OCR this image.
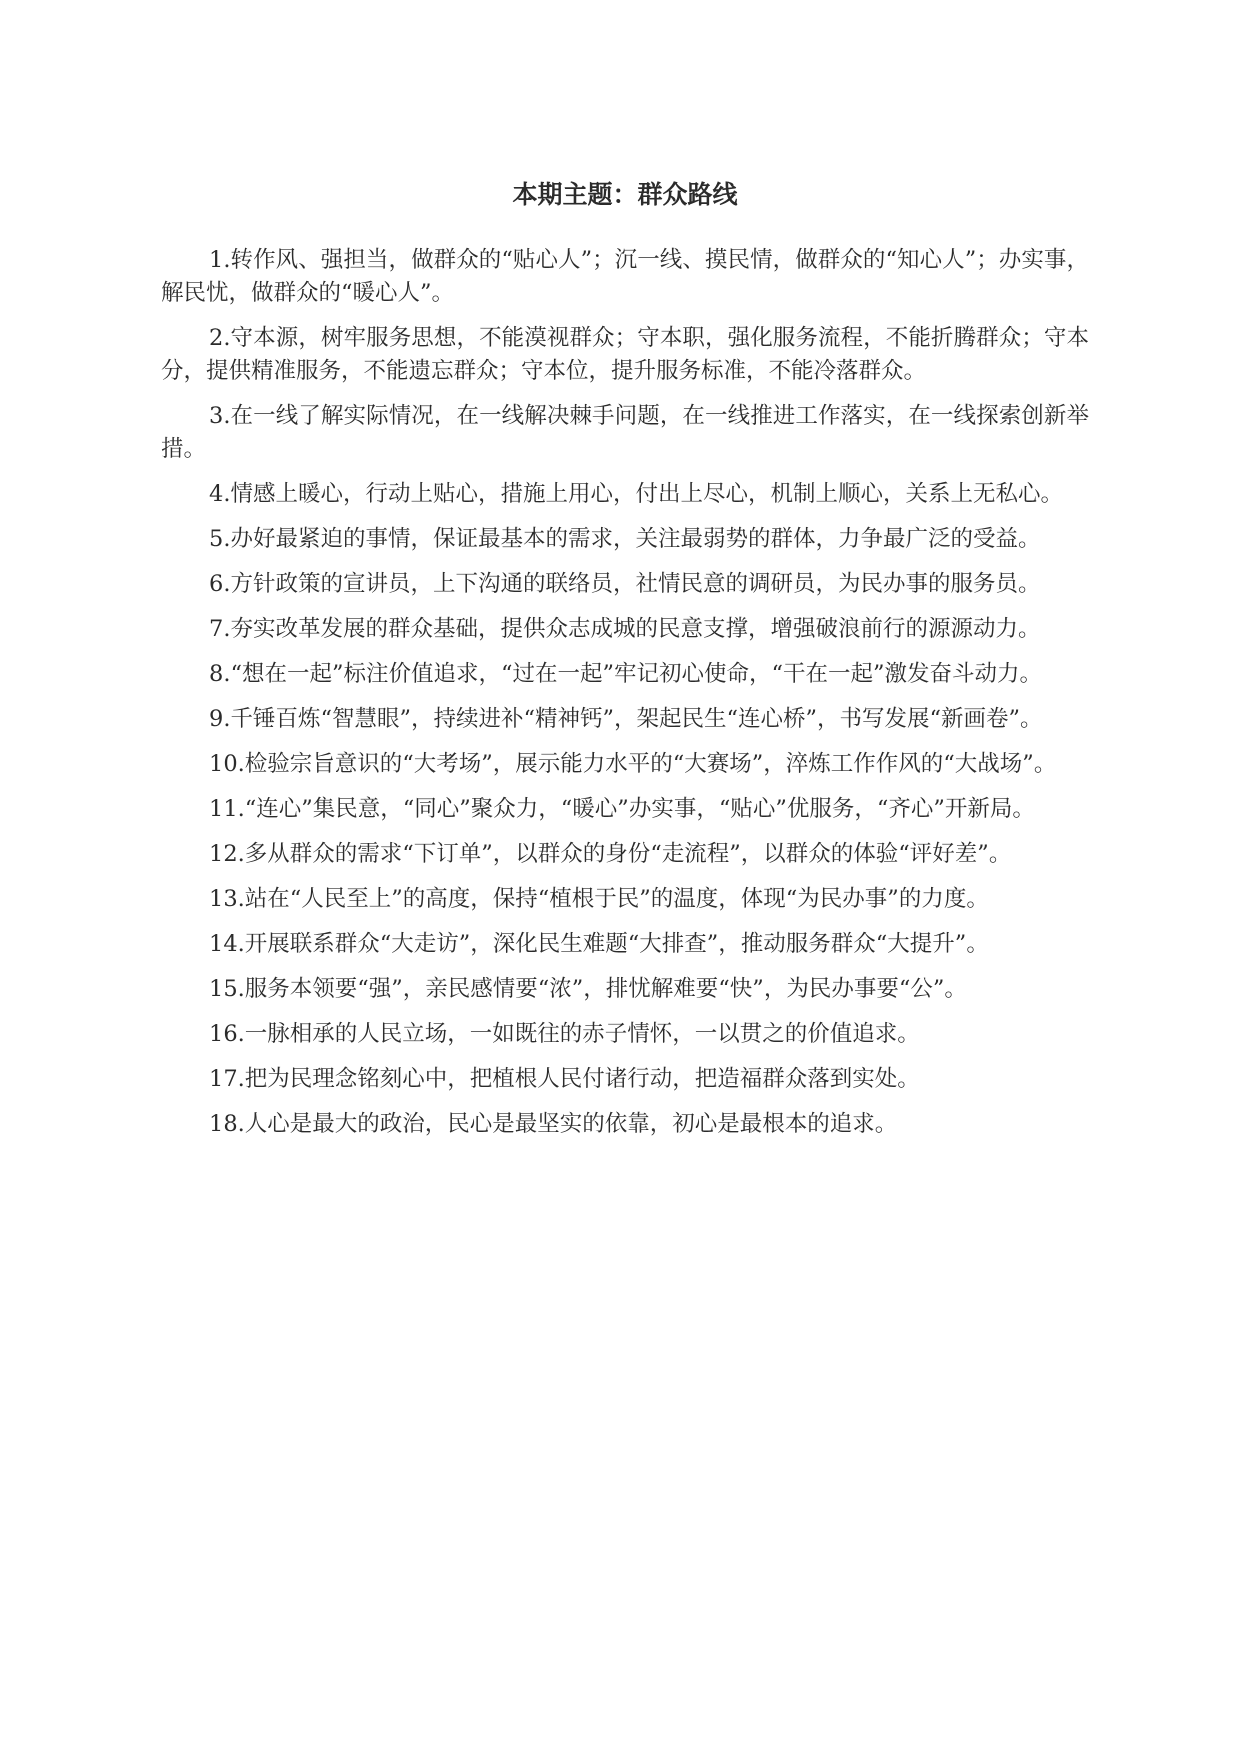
本期主题：群众路线
1.转作风、强担当，做群众的“贴心人”；沉一线、摸民情，做群众的“知心人”；办实事，解民忧，做群众的“暖心人”。
2.守本源，树牢服务思想，不能漠视群众；守本职，强化服务流程，不能折腾群众；守本分，提供精准服务，不能遗忘群众；守本位，提升服务标准，不能冷落群众。
3.在一线了解实际情况，在一线解决棘手问题，在一线推进工作落实，在一线探索创新举措。
4.情感上暖心，行动上贴心，措施上用心，付出上尽心，机制上顺心，关系上无私心。
5.办好最紧迫的事情，保证最基本的需求，关注最弱势的群体，力争最广泛的受益。
6.方针政策的宣讲员，上下沟通的联络员，社情民意的调研员，为民办事的服务员。
7.夯实改革发展的群众基础，提供众志成城的民意支撑，增强破浪前行的源源动力。
8.“想在一起”标注价值追求，“过在一起”牢记初心使命，“干在一起”激发奋斗动力。
9.千锤百炼“智慧眼”，持续进补“精神钙”，架起民生“连心桥”，书写发展“新画卷”。
10.检验宗旨意识的“大考场”，展示能力水平的“大赛场”，淬炼工作作风的“大战场”。
11.“连心”集民意，“同心”聚众力，“暖心”办实事，“贴心”优服务，“齐心”开新局。
12.多从群众的需求“下订单”，以群众的身份“走流程”，以群众的体验“评好差”。
13.站在“人民至上”的高度，保持“植根于民”的温度，体现“为民办事”的力度。
14.开展联系群众“大走访”，深化民生难题“大排查”，推动服务群众“大提升”。
15.服务本领要“强”，亲民感情要“浓”，排忧解难要“快”，为民办事要“公”。
16.一脉相承的人民立场，一如既往的赤子情怀，一以贯之的价值追求。
17.把为民理念铭刻心中，把植根人民付诸行动，把造福群众落到实处。
18.人心是最大的政治，民心是最坚实的依靠，初心是最根本的追求。
